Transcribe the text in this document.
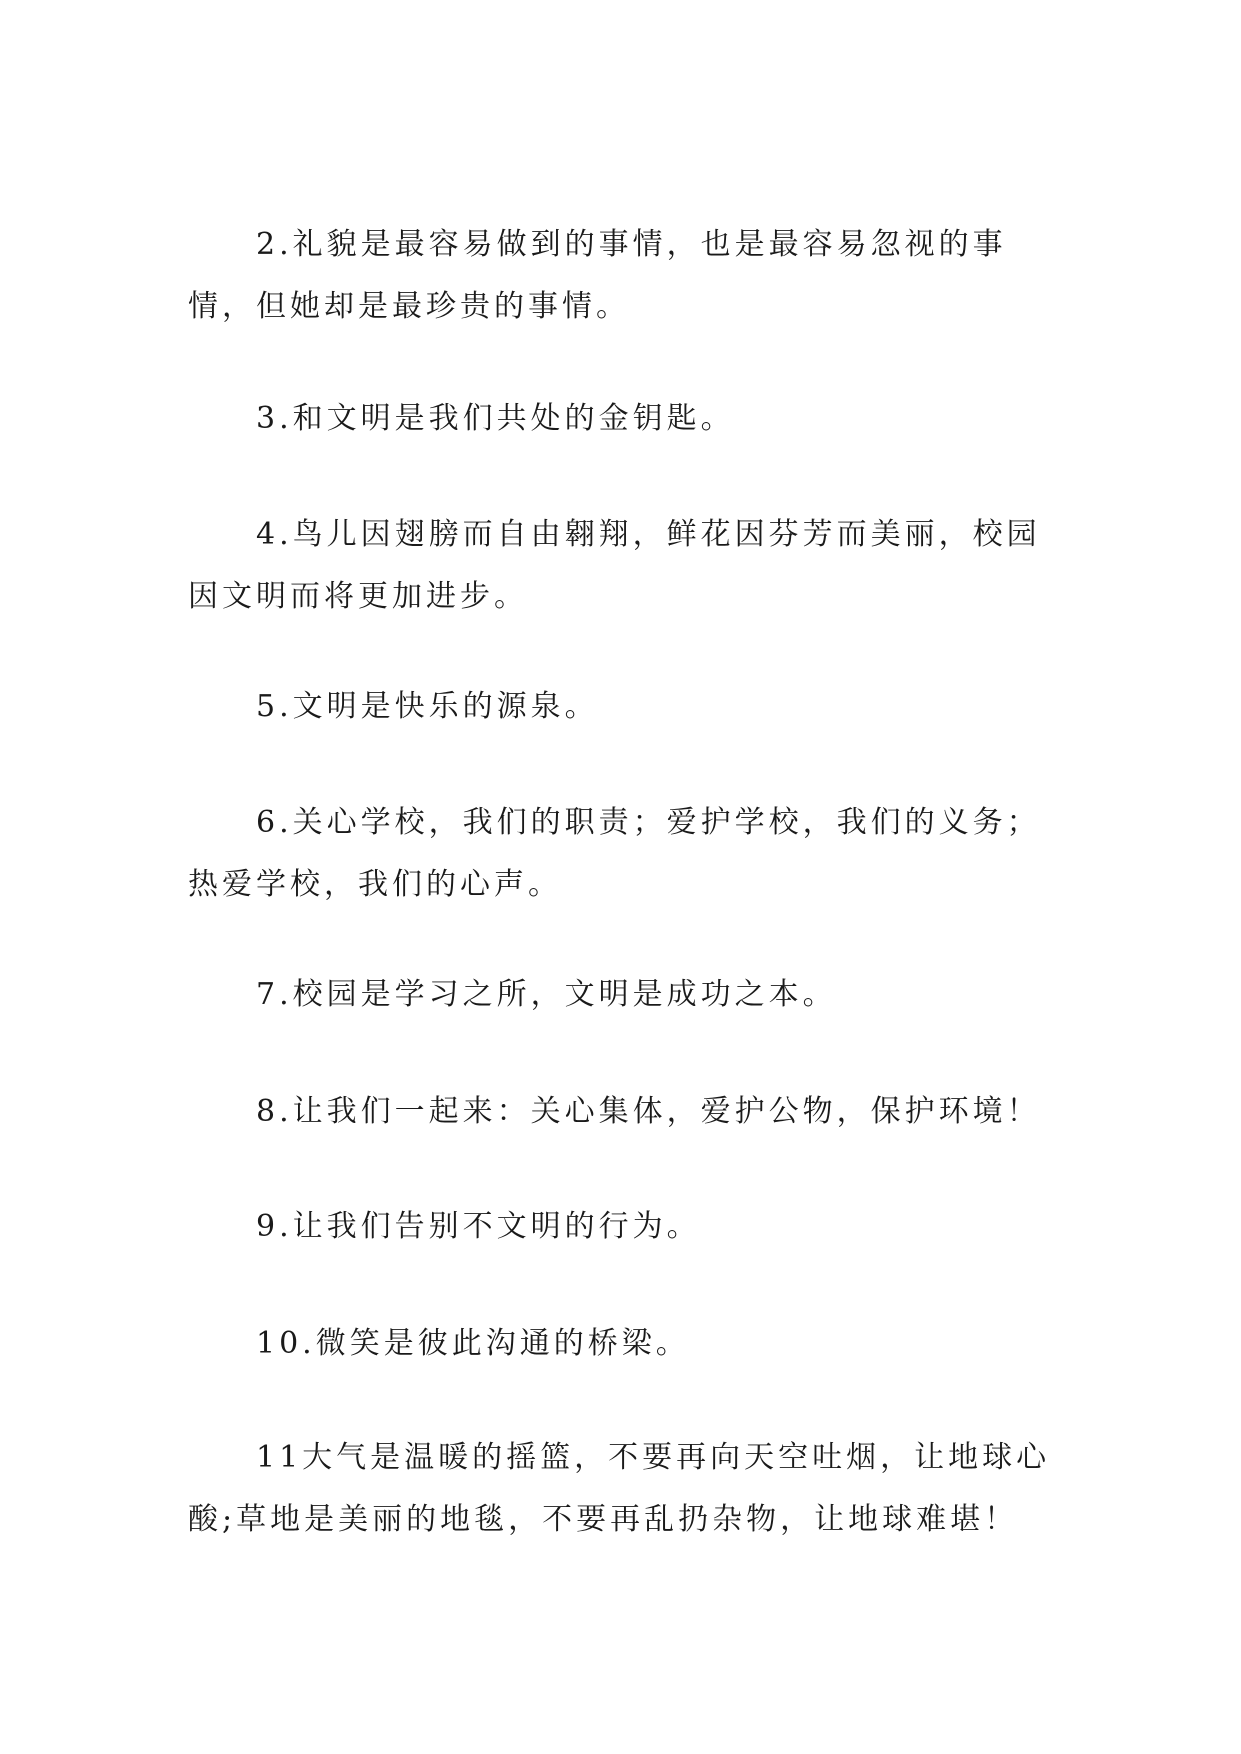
2.礼貌是最容易做到的事情，也是最容易忽视的事情，但她却是最珍贵的事情。

3.和文明是我们共处的金钥匙。

4.鸟儿因翅膀而自由翱翔，鲜花因芬芳而美丽，校园因文明而将更加进步。

5.文明是快乐的源泉。

6.关心学校，我们的职责；爱护学校，我们的义务；热爱学校，我们的心声。

7.校园是学习之所，文明是成功之本。

8.让我们一起来：关心集体，爱护公物，保护环境！

9.让我们告别不文明的行为。

10.微笑是彼此沟通的桥梁。

11大气是温暖的摇篮，不要再向天空吐烟，让地球心酸;草地是美丽的地毯，不要再乱扔杂物，让地球难堪！
